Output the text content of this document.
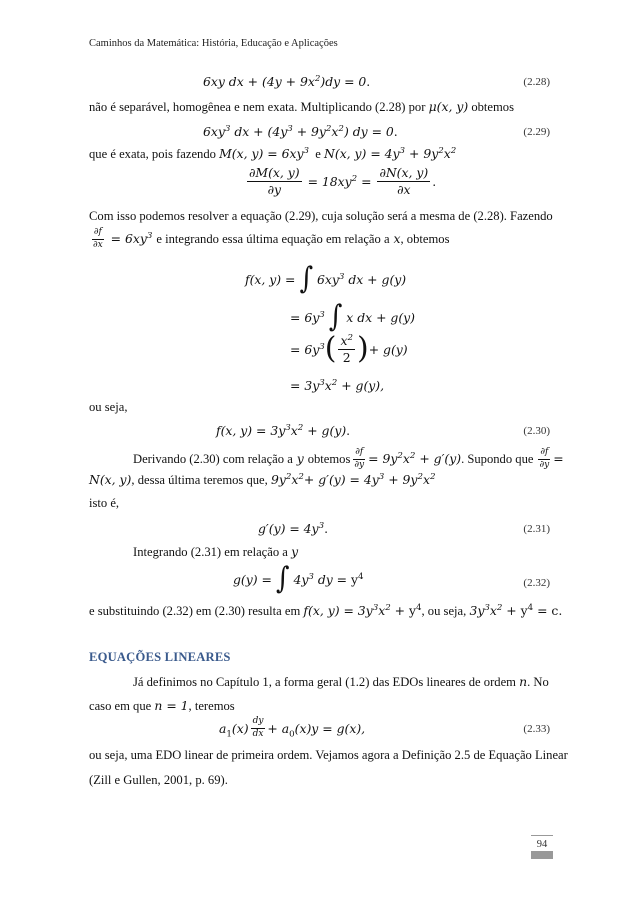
Caminhos da Matemática: História, Educação e Aplicações
6xy dx + $(4y + 9x^2)dy = 0$.	(2.28)
não é separável, homogênea e nem exata. Multiplicando (2.28) por μ(x, y) obtemos
$6xy^3$ dx + $(4y^3 + 9y^2x^2)$ dy = 0.	(2.29)
que é exata, pois fazendo M(x, $y) = 6xy^3$ e N(x, $y) = 4y^3 + 9y^2x^2$
$\frac{\partial M(x, y)}{\partial y} = 18xy^2 = \frac{\partial N(x, y)}{\partial x}$ .
Com isso podemos resolver a equação (2.29), cuja solução será a mesma de (2.28). Fazendo
$\frac{\partial f}{\partial x} = 6xy^3$ e integrando essa última equação em relação a x , obtemos
f(x, y) = ∫ $6xy^3$ dx + g(y)
= $6y^3$ ∫ x dx + g(y)
= $6y^3$ ( $\frac{x^2}{2}$ ) + g(y)
= $3y^3x^2 + g(y)$,
ou seja,
f(x, $y) = 3y^3x^2 + g(y)$.	(2.30)
Derivando (2.30) com relação a y obtemos $\frac{\partial f}{\partial y} = 9y^2x^2 + g'(y)$ . Supondo que $\frac{\partial f}{\partial y}$ =
N(x, y), dessa última teremos que, $9y^2x^2+ g'(y) = 4y^3 + 9y^2x^2$
isto é,
$g'(y) = 4y^3$.	(2.31)
Integrando (2.31) em relação a y
g(y) = ∫ $4y^3$ dy = $y^4$
(2.32)
e substituindo (2.32) em (2.30) resulta em f(x, $y) = 3y^3x^2 + y^4$, ou seja, $3y^3x^2 + y^4 = c$.
EQUAÇÕES LINEARES
Já definimos no Capítulo 1, a forma geral (1.2) das EDOs lineares de ordem n. No
caso em que n = 1, teremos
$a_1(x) \frac{dy}{dx} + a_0(x)y = g(x)$,	(2.33)
ou seja, uma EDO linear de primeira ordem. Vejamos agora a Definição 2.5 de Equação Linear
(Zill e Gullen, 2001, p. 69).
94
